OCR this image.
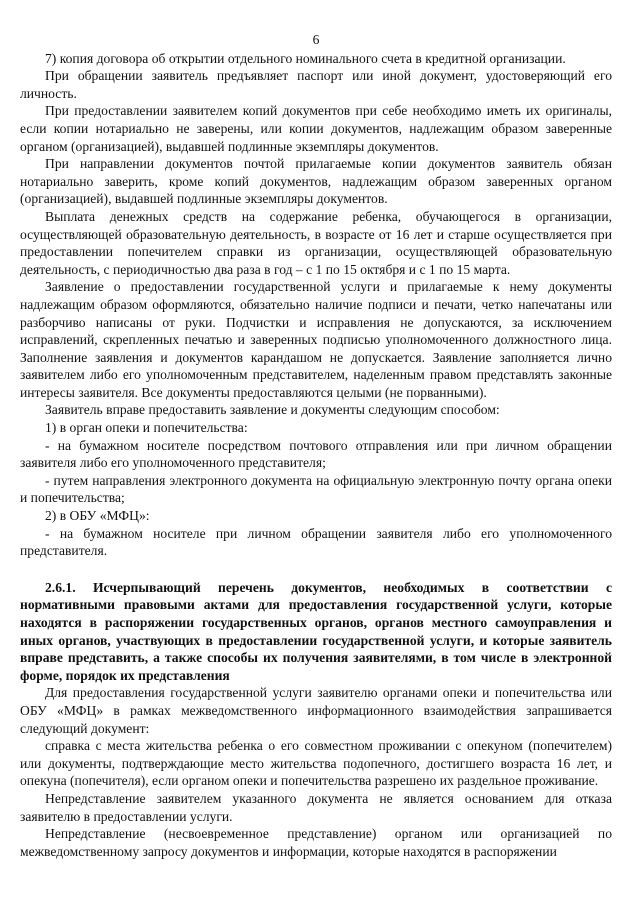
6

7) копия договора об открытии отдельного номинального счета в кредитной организации.

При обращении заявитель предъявляет паспорт или иной документ, удостоверяющий его личность.

При предоставлении заявителем копий документов при себе необходимо иметь их оригиналы, если копии нотариально не заверены, или копии документов, надлежащим образом заверенные органом (организацией), выдавшей подлинные экземпляры документов.

При направлении документов почтой прилагаемые копии документов заявитель обязан нотариально заверить, кроме копий документов, надлежащим образом заверенных органом (организацией), выдавшей подлинные экземпляры документов.

Выплата денежных средств на содержание ребенка, обучающегося в организации, осуществляющей образовательную деятельность, в возрасте от 16 лет и старше осуществляется при предоставлении попечителем справки из организации, осуществляющей образовательную деятельность, с периодичностью два раза в год – с 1 по 15 октября и с 1 по 15 марта.

Заявление о предоставлении государственной услуги и прилагаемые к нему документы надлежащим образом оформляются, обязательно наличие подписи и печати, четко напечатаны или разборчиво написаны от руки. Подчистки и исправления не допускаются, за исключением исправлений, скрепленных печатью и заверенных подписью уполномоченного должностного лица. Заполнение заявления и документов карандашом не допускается. Заявление заполняется лично заявителем либо его уполномоченным представителем, наделенным правом представлять законные интересы заявителя. Все документы предоставляются целыми (не порванными).

Заявитель вправе предоставить заявление и документы следующим способом:

1) в орган опеки и попечительства:

- на бумажном носителе посредством почтового отправления или при личном обращении заявителя либо его уполномоченного представителя;

- путем направления электронного документа на официальную электронную почту органа опеки и попечительства;

2) в ОБУ «МФЦ»:

- на бумажном носителе при личном обращении заявителя либо его уполномоченного представителя.

2.6.1. Исчерпывающий перечень документов, необходимых в соответствии с нормативными правовыми актами для предоставления государственной услуги, которые находятся в распоряжении государственных органов, органов местного самоуправления и иных органов, участвующих в предоставлении государственной услуги, и которые заявитель вправе представить, а также способы их получения заявителями, в том числе в электронной форме, порядок их представления

Для предоставления государственной услуги заявителю органами опеки и попечительства или ОБУ «МФЦ» в рамках межведомственного информационного взаимодействия запрашивается следующий документ:

справка с места жительства ребенка о его совместном проживании с опекуном (попечителем) или документы, подтверждающие место жительства подопечного, достигшего возраста 16 лет, и опекуна (попечителя), если органом опеки и попечительства разрешено их раздельное проживание.

Непредставление заявителем указанного документа не является основанием для отказа заявителю в предоставлении услуги.

Непредставление (несвоевременное представление) органом или организацией по межведомственному запросу документов и информации, которые находятся в распоряжении
